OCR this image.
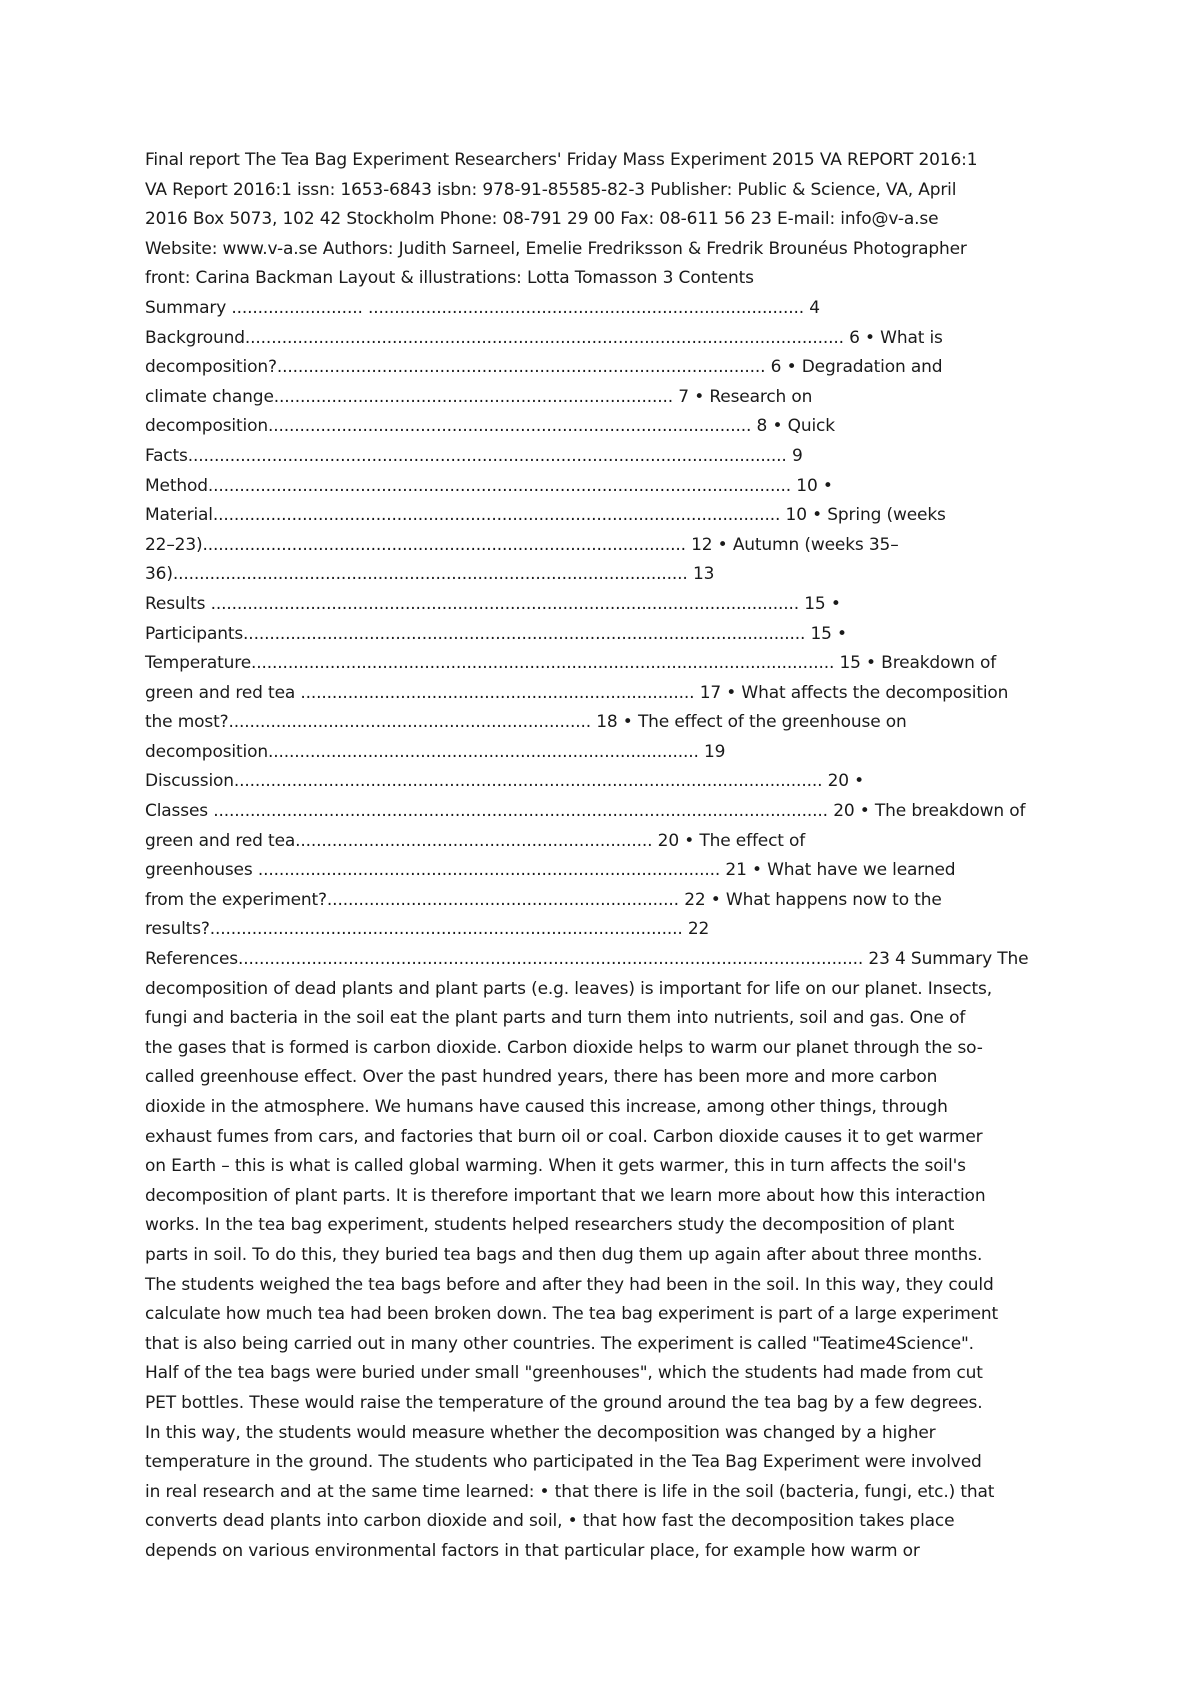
Final report The Tea Bag Experiment Researchers' Friday Mass Experiment 2015 VA REPORT 2016:1
VA Report 2016:1 issn: 1653-6843 isbn: 978-91-85585-82-3 Publisher: Public & Science, VA, April
2016 Box 5073, 102 42 Stockholm Phone: 08-791 29 00 Fax: 08-611 56 23 E-mail: info@v-a.se
Website: www.v-a.se Authors: Judith Sarneel, Emelie Fredriksson & Fredrik Brounéus Photographer
front: Carina Backman Layout & illustrations: Lotta Tomasson 3 Contents
Summary ......................... ................................................................................... 4
Background.................................................................................................................. 6 • What is
decomposition?............................................................................................. 6 • Degradation and
climate change............................................................................ 7 • Research on
decomposition............................................................................................ 8 • Quick
Facts.................................................................................................................. 9
Method............................................................................................................... 10 •
Material............................................................................................................ 10 • Spring (weeks
22–23)............................................................................................ 12 • Autumn (weeks 35–
36).................................................................................................. 13
Results ................................................................................................................ 15 •
Participants........................................................................................................... 15 •
Temperature............................................................................................................... 15 • Breakdown of
green and red tea ........................................................................... 17 • What affects the decomposition
the most?..................................................................... 18 • The effect of the greenhouse on
decomposition.................................................................................. 19
Discussion................................................................................................................ 20 •
Classes ..................................................................................................................... 20 • The breakdown of
green and red tea.................................................................... 20 • The effect of
greenhouses ........................................................................................ 21 • What have we learned
from the experiment?................................................................... 22 • What happens now to the
results?.......................................................................................... 22
References....................................................................................................................... 23 4 Summary The
decomposition of dead plants and plant parts (e.g. leaves) is important for life on our planet. Insects,
fungi and bacteria in the soil eat the plant parts and turn them into nutrients, soil and gas. One of
the gases that is formed is carbon dioxide. Carbon dioxide helps to warm our planet through the so-
called greenhouse effect. Over the past hundred years, there has been more and more carbon
dioxide in the atmosphere. We humans have caused this increase, among other things, through
exhaust fumes from cars, and factories that burn oil or coal. Carbon dioxide causes it to get warmer
on Earth – this is what is called global warming. When it gets warmer, this in turn affects the soil's
decomposition of plant parts. It is therefore important that we learn more about how this interaction
works. In the tea bag experiment, students helped researchers study the decomposition of plant
parts in soil. To do this, they buried tea bags and then dug them up again after about three months.
The students weighed the tea bags before and after they had been in the soil. In this way, they could
calculate how much tea had been broken down. The tea bag experiment is part of a large experiment
that is also being carried out in many other countries. The experiment is called "Teatime4Science".
Half of the tea bags were buried under small "greenhouses", which the students had made from cut
PET bottles. These would raise the temperature of the ground around the tea bag by a few degrees.
In this way, the students would measure whether the decomposition was changed by a higher
temperature in the ground. The students who participated in the Tea Bag Experiment were involved
in real research and at the same time learned: • that there is life in the soil (bacteria, fungi, etc.) that
converts dead plants into carbon dioxide and soil, • that how fast the decomposition takes place
depends on various environmental factors in that particular place, for example how warm or
